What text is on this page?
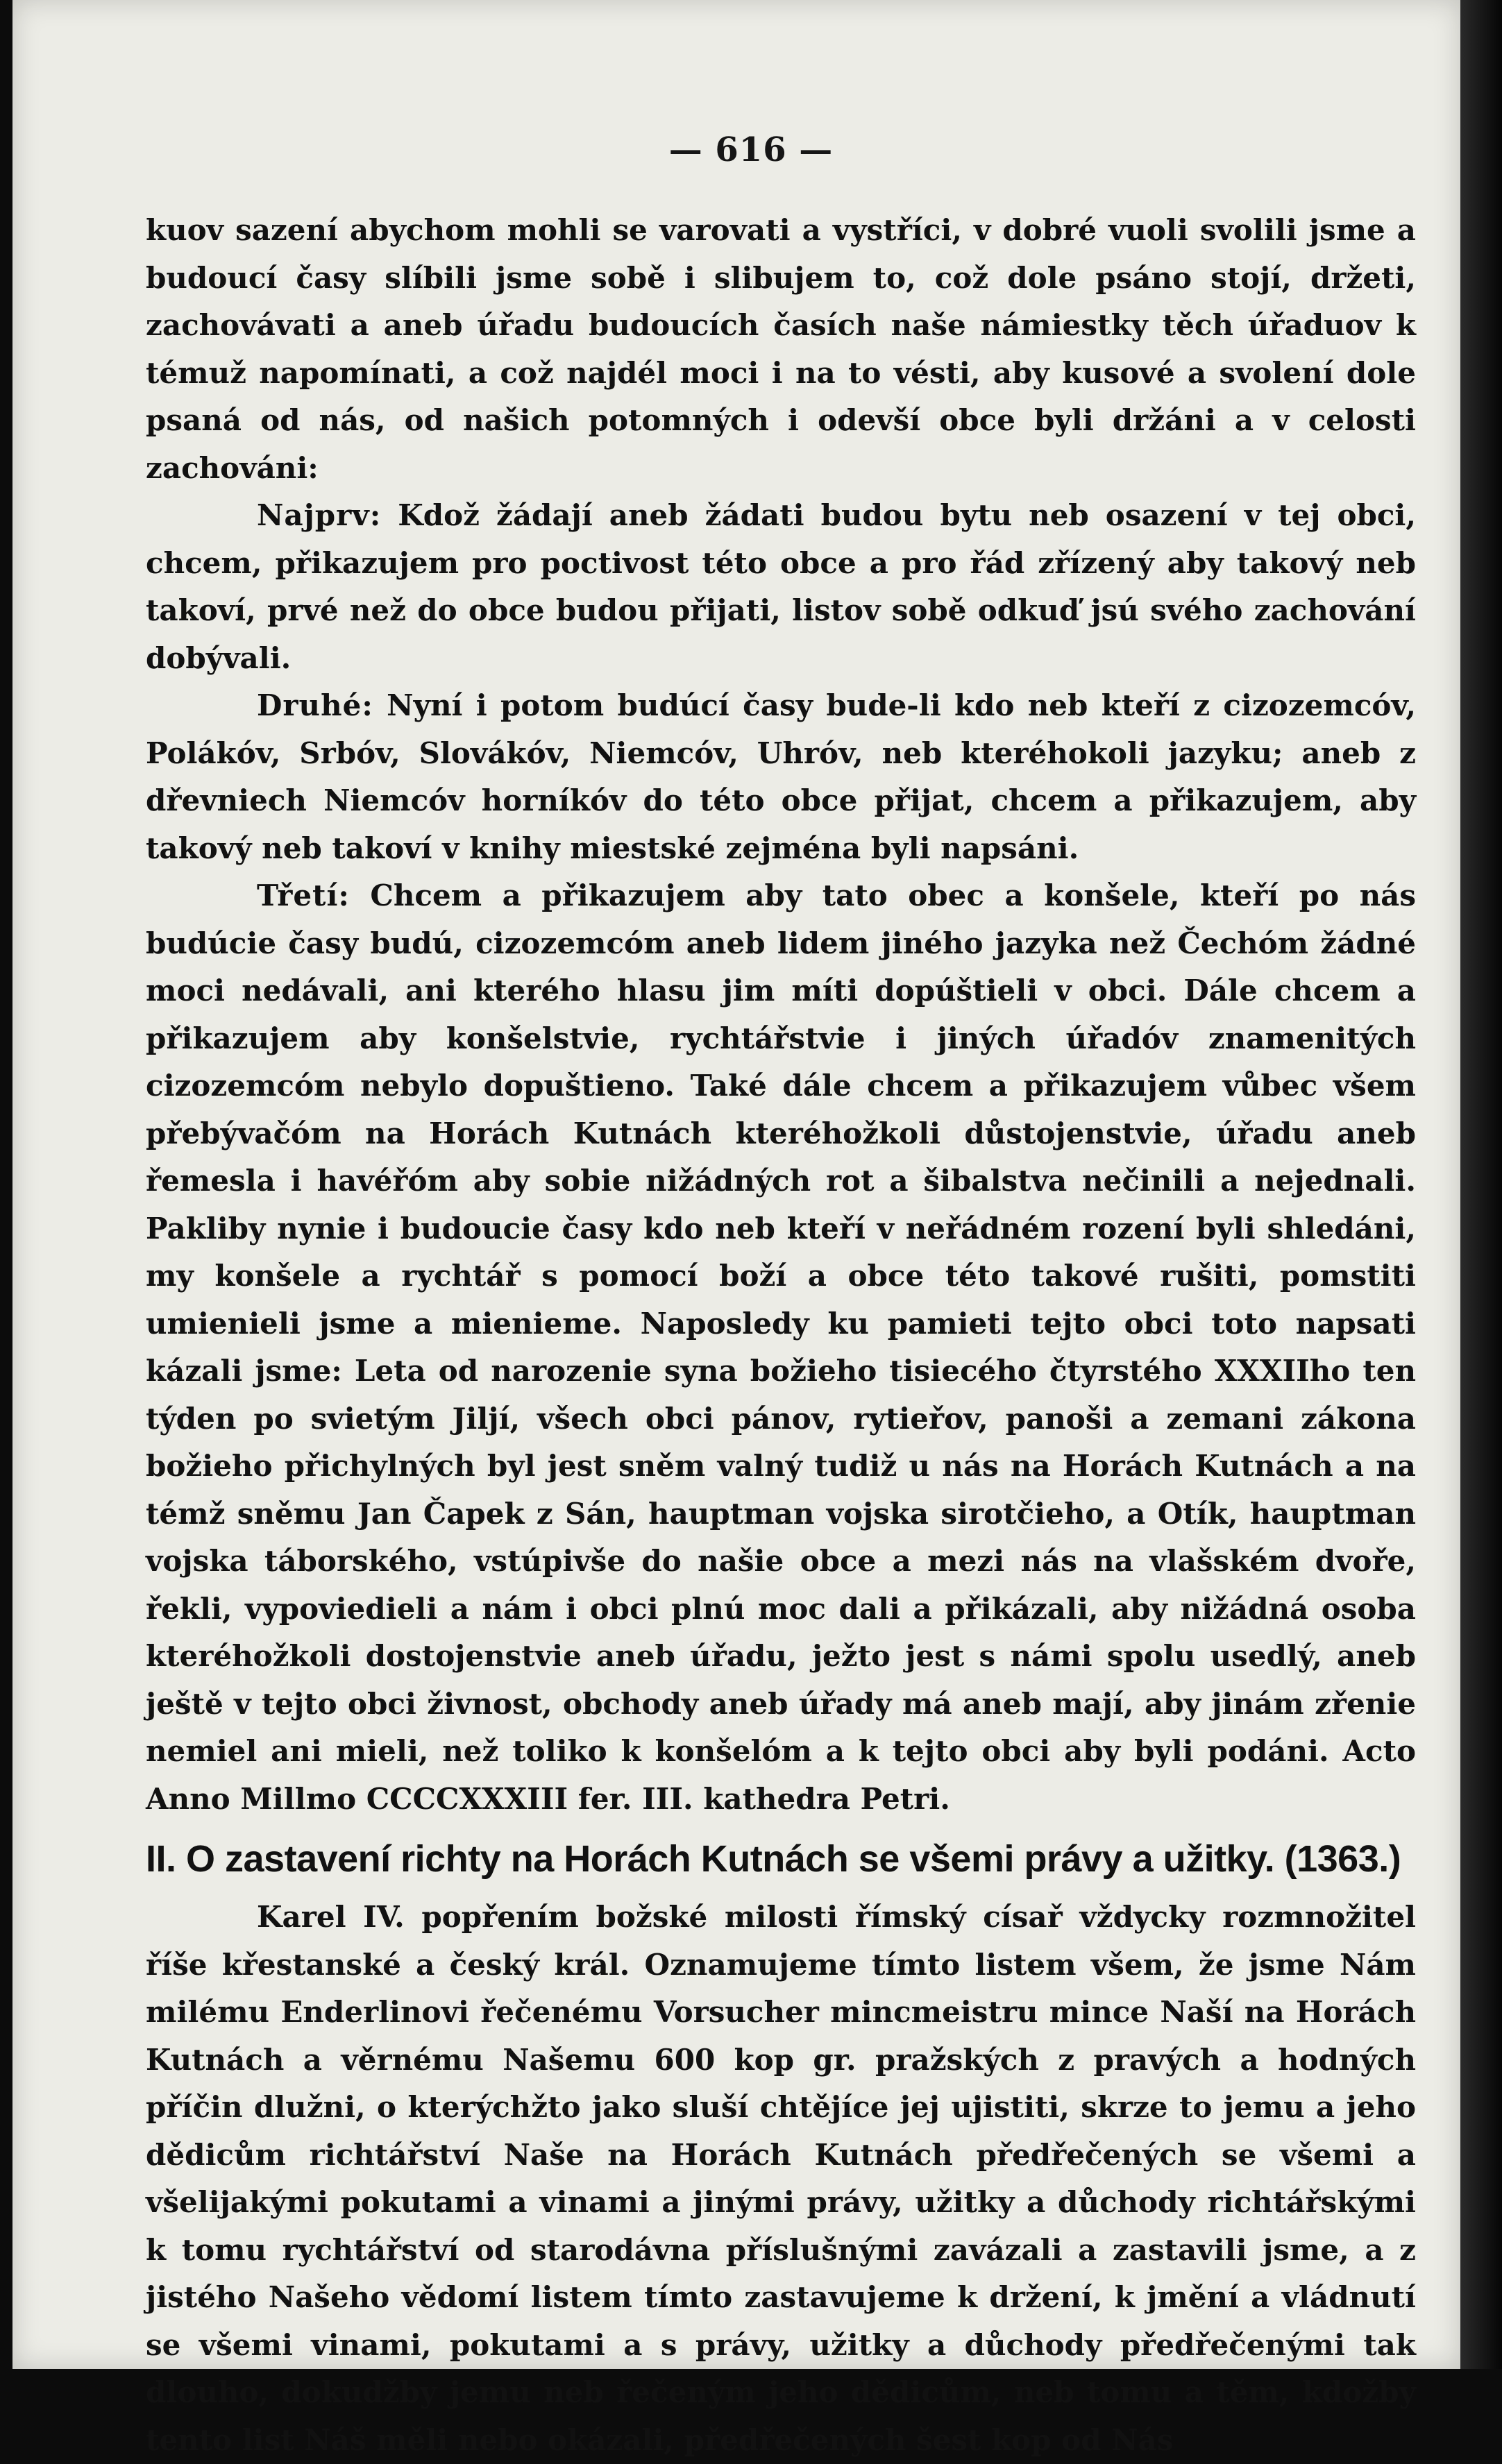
— 616 —

kuov sazení abychom mohli se varovati a vystříci, v dobré vuoli svolili jsme a budoucí časy slíbili jsme sobě i slibujem to, což dole psáno stojí, držeti, zachovávati a aneb úřadu budoucích časích naše námiestky těch úřaduov k témuž napomínati, a což najdél moci i na to vésti, aby kusové a svolení dole psaná od nás, od našich potomných i odevší obce byli držáni a v celosti zachováni:

Najprv: Kdož žádají aneb žádati budou bytu neb osazení v tej obci, chcem, přikazujem pro poctivost této obce a pro řád zřízený aby takový neb takoví, prvé než do obce budou přijati, listov sobě odkuď jsú svého zachování dobývali.

Druhé: Nyní i potom budúcí časy bude-li kdo neb kteří z cizozemcóv, Polákóv, Srbóv, Slovákóv, Niemcóv, Uhróv, neb kteréhokoli jazyku; aneb z dřevniech Niemcóv horníkóv do této obce přijat, chcem a přikazujem, aby takový neb takoví v knihy miestské zejména byli napsáni.

Třetí: Chcem a přikazujem aby tato obec a konšele, kteří po nás budúcie časy budú, cizozemcóm aneb lidem jiného jazyka než Čechóm žádné moci nedávali, ani kterého hlasu jim míti dopúštieli v obci. Dále chcem a přikazujem aby konšelstvie, rychtářstvie i jiných úřadóv znamenitých cizozemcóm nebylo dopuštieno. Také dále chcem a přikazujem vůbec všem přebývačóm na Horách Kutnách kteréhožkoli důstojenstvie, úřadu aneb řemesla i havéřóm aby sobie nižádných rot a šibalstva nečinili a nejednali. Pakliby nynie i budoucie časy kdo neb kteří v neřádném rození byli shledáni, my konšele a rychtář s pomocí boží a obce této takové rušiti, pomstiti umienieli jsme a mienieme. Naposledy ku pamieti tejto obci toto napsati kázali jsme: Leta od narozenie syna božieho tisiecého čtyrstého XXXIIho ten týden po svietým Jiljí, všech obci pánov, rytieřov, panoši a zemani zákona božieho přichylných byl jest sněm valný tudiž u nás na Horách Kutnách a na témž sněmu Jan Čapek z Sán, hauptman vojska sirotčieho, a Otík, hauptman vojska táborského, vstúpivše do našie obce a mezi nás na vlašském dvoře, řekli, vypoviedieli a nám i obci plnú moc dali a přikázali, aby nižádná osoba kteréhožkoli dostojenstvie aneb úřadu, ježto jest s námi spolu usedlý, aneb ještě v tejto obci živnost, obchody aneb úřady má aneb mají, aby jinám zřenie nemiel ani mieli, než toliko k konšelóm a k tejto obci aby byli podáni. Acto Anno Millmo CCCCXXXIII fer. III. kathedra Petri.

II. O zastavení richty na Horách Kutnách se všemi právy a užitky. (1363.)

Karel IV. popřením božské milosti římský císař vždycky rozmnožitel říše křestanské a český král. Oznamujeme tímto listem všem, že jsme Nám milému Enderlinovi řečenému Vorsucher mincmeistru mince Naší na Horách Kutnách a věrnému Našemu 600 kop gr. pražských z pravých a hodných příčin dlužni, o kterýchžto jako sluší chtějíce jej ujistiti, skrze to jemu a jeho dědicům richtářství Naše na Horách Kutnách předřečených se všemi a všelijakými pokutami a vinami a jinými právy, užitky a důchody richtářskými k tomu rychtářství od starodávna příslušnými zavázali a zastavili jsme, a z jistého Našeho vědomí listem tímto zastavujeme k držení, k jmění a vládnutí se všemi vinami, pokutami a s právy, užitky a důchody předřečenými tak dlouho, dokudžby jemu neb řečeným jeho dědicům, neb tomu a těm, kdožby tento list Náš měli nebo okázali, předřečených šest kop od Nás
